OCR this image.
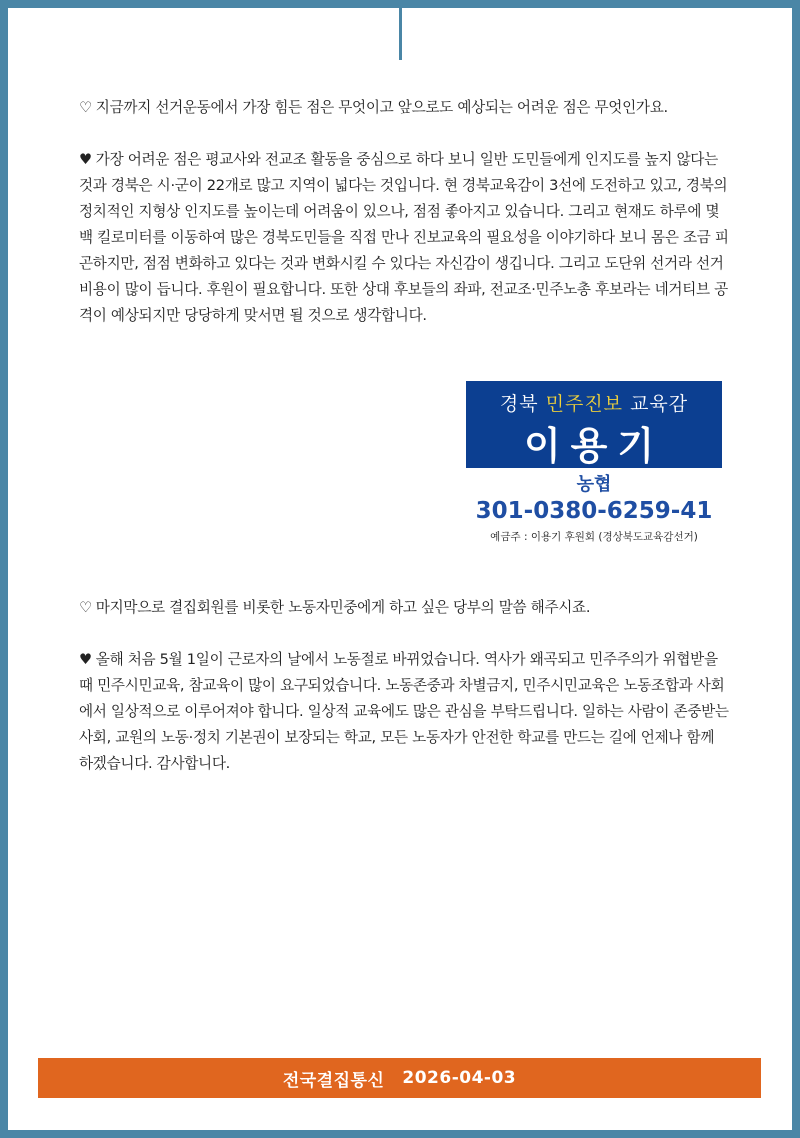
♡ 지금까지 선거운동에서 가장 힘든 점은 무엇이고 앞으로도 예상되는 어려운 점은 무엇인가요.

♥ 가장 어려운 점은 평교사와 전교조 활동을 중심으로 하다 보니 일반 도민들에게 인지도를 높지 않다는 것과 경북은 시·군이 22개로 많고 지역이 넓다는 것입니다. 현 경북교육감이 3선에 도전하고 있고, 경북의 정치적인 지형상 인지도를 높이는데 어려움이 있으나, 점점 좋아지고 있습니다. 그리고 현재도 하루에 몇백 킬로미터를 이동하여 많은 경북도민들을 직접 만나 진보교육의 필요성을 이야기하다 보니 몸은 조금 피곤하지만, 점점 변화하고 있다는 것과 변화시킬 수 있다는 자신감이 생깁니다. 그리고 도단위 선거라 선거 비용이 많이 듭니다. 후원이 필요합니다. 또한 상대 후보들의 좌파, 전교조·민주노총 후보라는 네거티브 공격이 예상되지만 당당하게 맞서면 될 것으로 생각합니다.

경북 민주진보 교육감
이용기
농협
301-0380-6259-41
예금주 : 이용기 후원회 (경상북도교육감선거)

♡ 마지막으로 결집회원를 비롯한 노동자민중에게 하고 싶은 당부의 말씀 해주시죠.

♥ 올해 처음 5월 1일이 근로자의 날에서 노동절로 바뀌었습니다. 역사가 왜곡되고 민주주의가 위협받을 때 민주시민교육, 참교육이 많이 요구되었습니다. 노동존중과 차별금지, 민주시민교육은 노동조합과 사회에서 일상적으로 이루어져야 합니다. 일상적 교육에도 많은 관심을 부탁드립니다. 일하는 사람이 존중받는 사회, 교원의 노동·정치 기본권이 보장되는 학교, 모든 노동자가 안전한 학교를 만드는 길에 언제나 함께 하겠습니다. 감사합니다.

전국결집통신 2026-04-03
